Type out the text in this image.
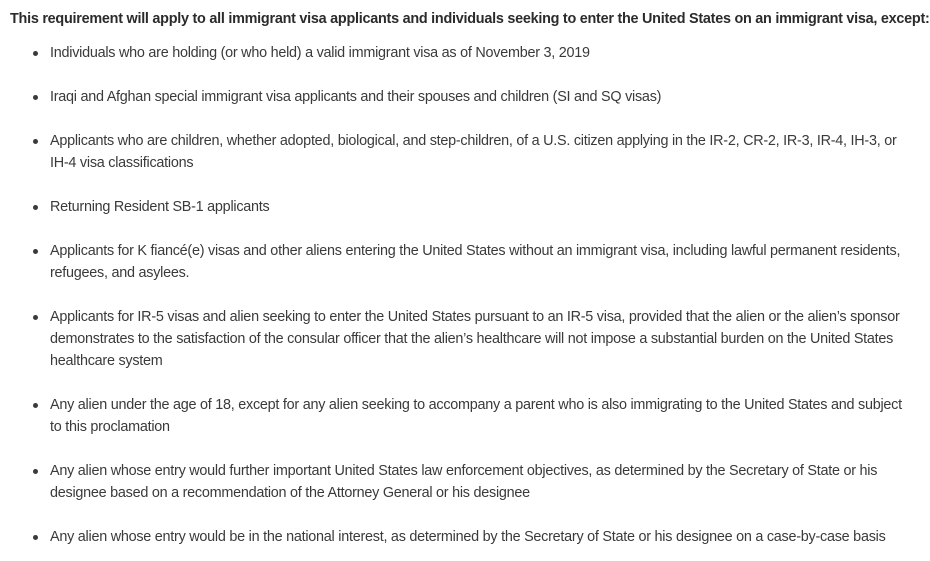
This requirement will apply to all immigrant visa applicants and individuals seeking to enter the United States on an immigrant visa, except:

Individuals who are holding (or who held) a valid immigrant visa as of November 3, 2019
Iraqi and Afghan special immigrant visa applicants and their spouses and children (SI and SQ visas)
Applicants who are children, whether adopted, biological, and step-children, of a U.S. citizen applying in the IR-2, CR-2, IR-3, IR-4, IH-3, or IH-4 visa classifications
Returning Resident SB-1 applicants
Applicants for K fiancé(e) visas and other aliens entering the United States without an immigrant visa, including lawful permanent residents, refugees, and asylees.
Applicants for IR-5 visas and alien seeking to enter the United States pursuant to an IR-5 visa, provided that the alien or the alien’s sponsor demonstrates to the satisfaction of the consular officer that the alien’s healthcare will not impose a substantial burden on the United States healthcare system
Any alien under the age of 18, except for any alien seeking to accompany a parent who is also immigrating to the United States and subject to this proclamation
Any alien whose entry would further important United States law enforcement objectives, as determined by the Secretary of State or his designee based on a recommendation of the Attorney General or his designee
Any alien whose entry would be in the national interest, as determined by the Secretary of State or his designee on a case-by-case basis
